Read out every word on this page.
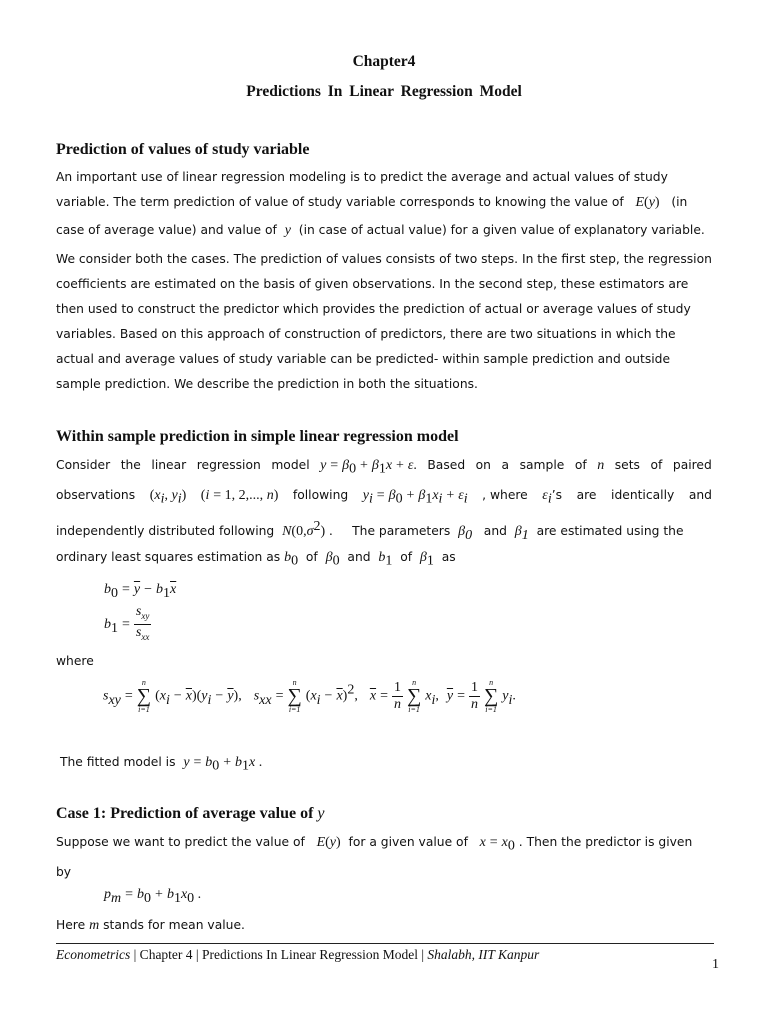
Chapter4
Predictions In Linear Regression Model
Prediction of values of study variable
An important use of linear regression modeling is to predict the average and actual values of study
variable. The term prediction of value of study variable corresponds to knowing the value of E(y) (in
case of average value) and value of y (in case of actual value) for a given value of explanatory variable.
We consider both the cases. The prediction of values consists of two steps. In the first step, the regression coefficients are estimated on the basis of given observations. In the second step, these estimators are then used to construct the predictor which provides the prediction of actual or average values of study variables. Based on this approach of construction of predictors, there are two situations in which the actual and average values of study variable can be predicted- within sample prediction and outside sample prediction. We describe the prediction in both the situations.
Within sample prediction in simple linear regression model
Consider the linear regression model $y = \beta_0 + \beta_1x + \varepsilon$. Based on a sample of n sets of paired
observations ($x_i$, $y_i$) (i = 1, 2,..., n) following $y_i = \beta_0 + \beta_1x_i + \varepsilon_i$ , where $\varepsilon_i’s$ are identically and
independently distributed following $N(0,\sigma^2)$ . The parameters $\beta_0$ and $\beta_1$ are estimated using the
ordinary least squares estimation as $b_0$ of $\beta_0$ and $b_1$ of $\beta_1$ as
$b_0 = \overline{y} - b_1\overline{x}$
$b_1 = \frac{s_{xy}}{s_{xx}}$
where
$s_{xy}$ =
n
∑
i=1
$(x_i - \overline{x})(y_i - \overline{y})$, $s_{xx}$ =
n
∑
i=1
$(x_i - \overline{x})^2$, $\overline{x} = \frac{1}{n}$
	n
∑
i=1
$x_i$, $\overline{y} = \frac{1}{n}$
	n
∑
i=1
$y_i$.
The fitted model is $y = b_0 + b_1x$ .
Case 1: Prediction of average value of y
Suppose we want to predict the value of E(y) for a given value of $x = x_0$ . Then the predictor is given
by
$p_m = b_0 + b_1x_0$ .
Here m stands for mean value.
Econometrics | Chapter 4 | Predictions In Linear Regression Model | Shalabh, IIT Kanpur
1
